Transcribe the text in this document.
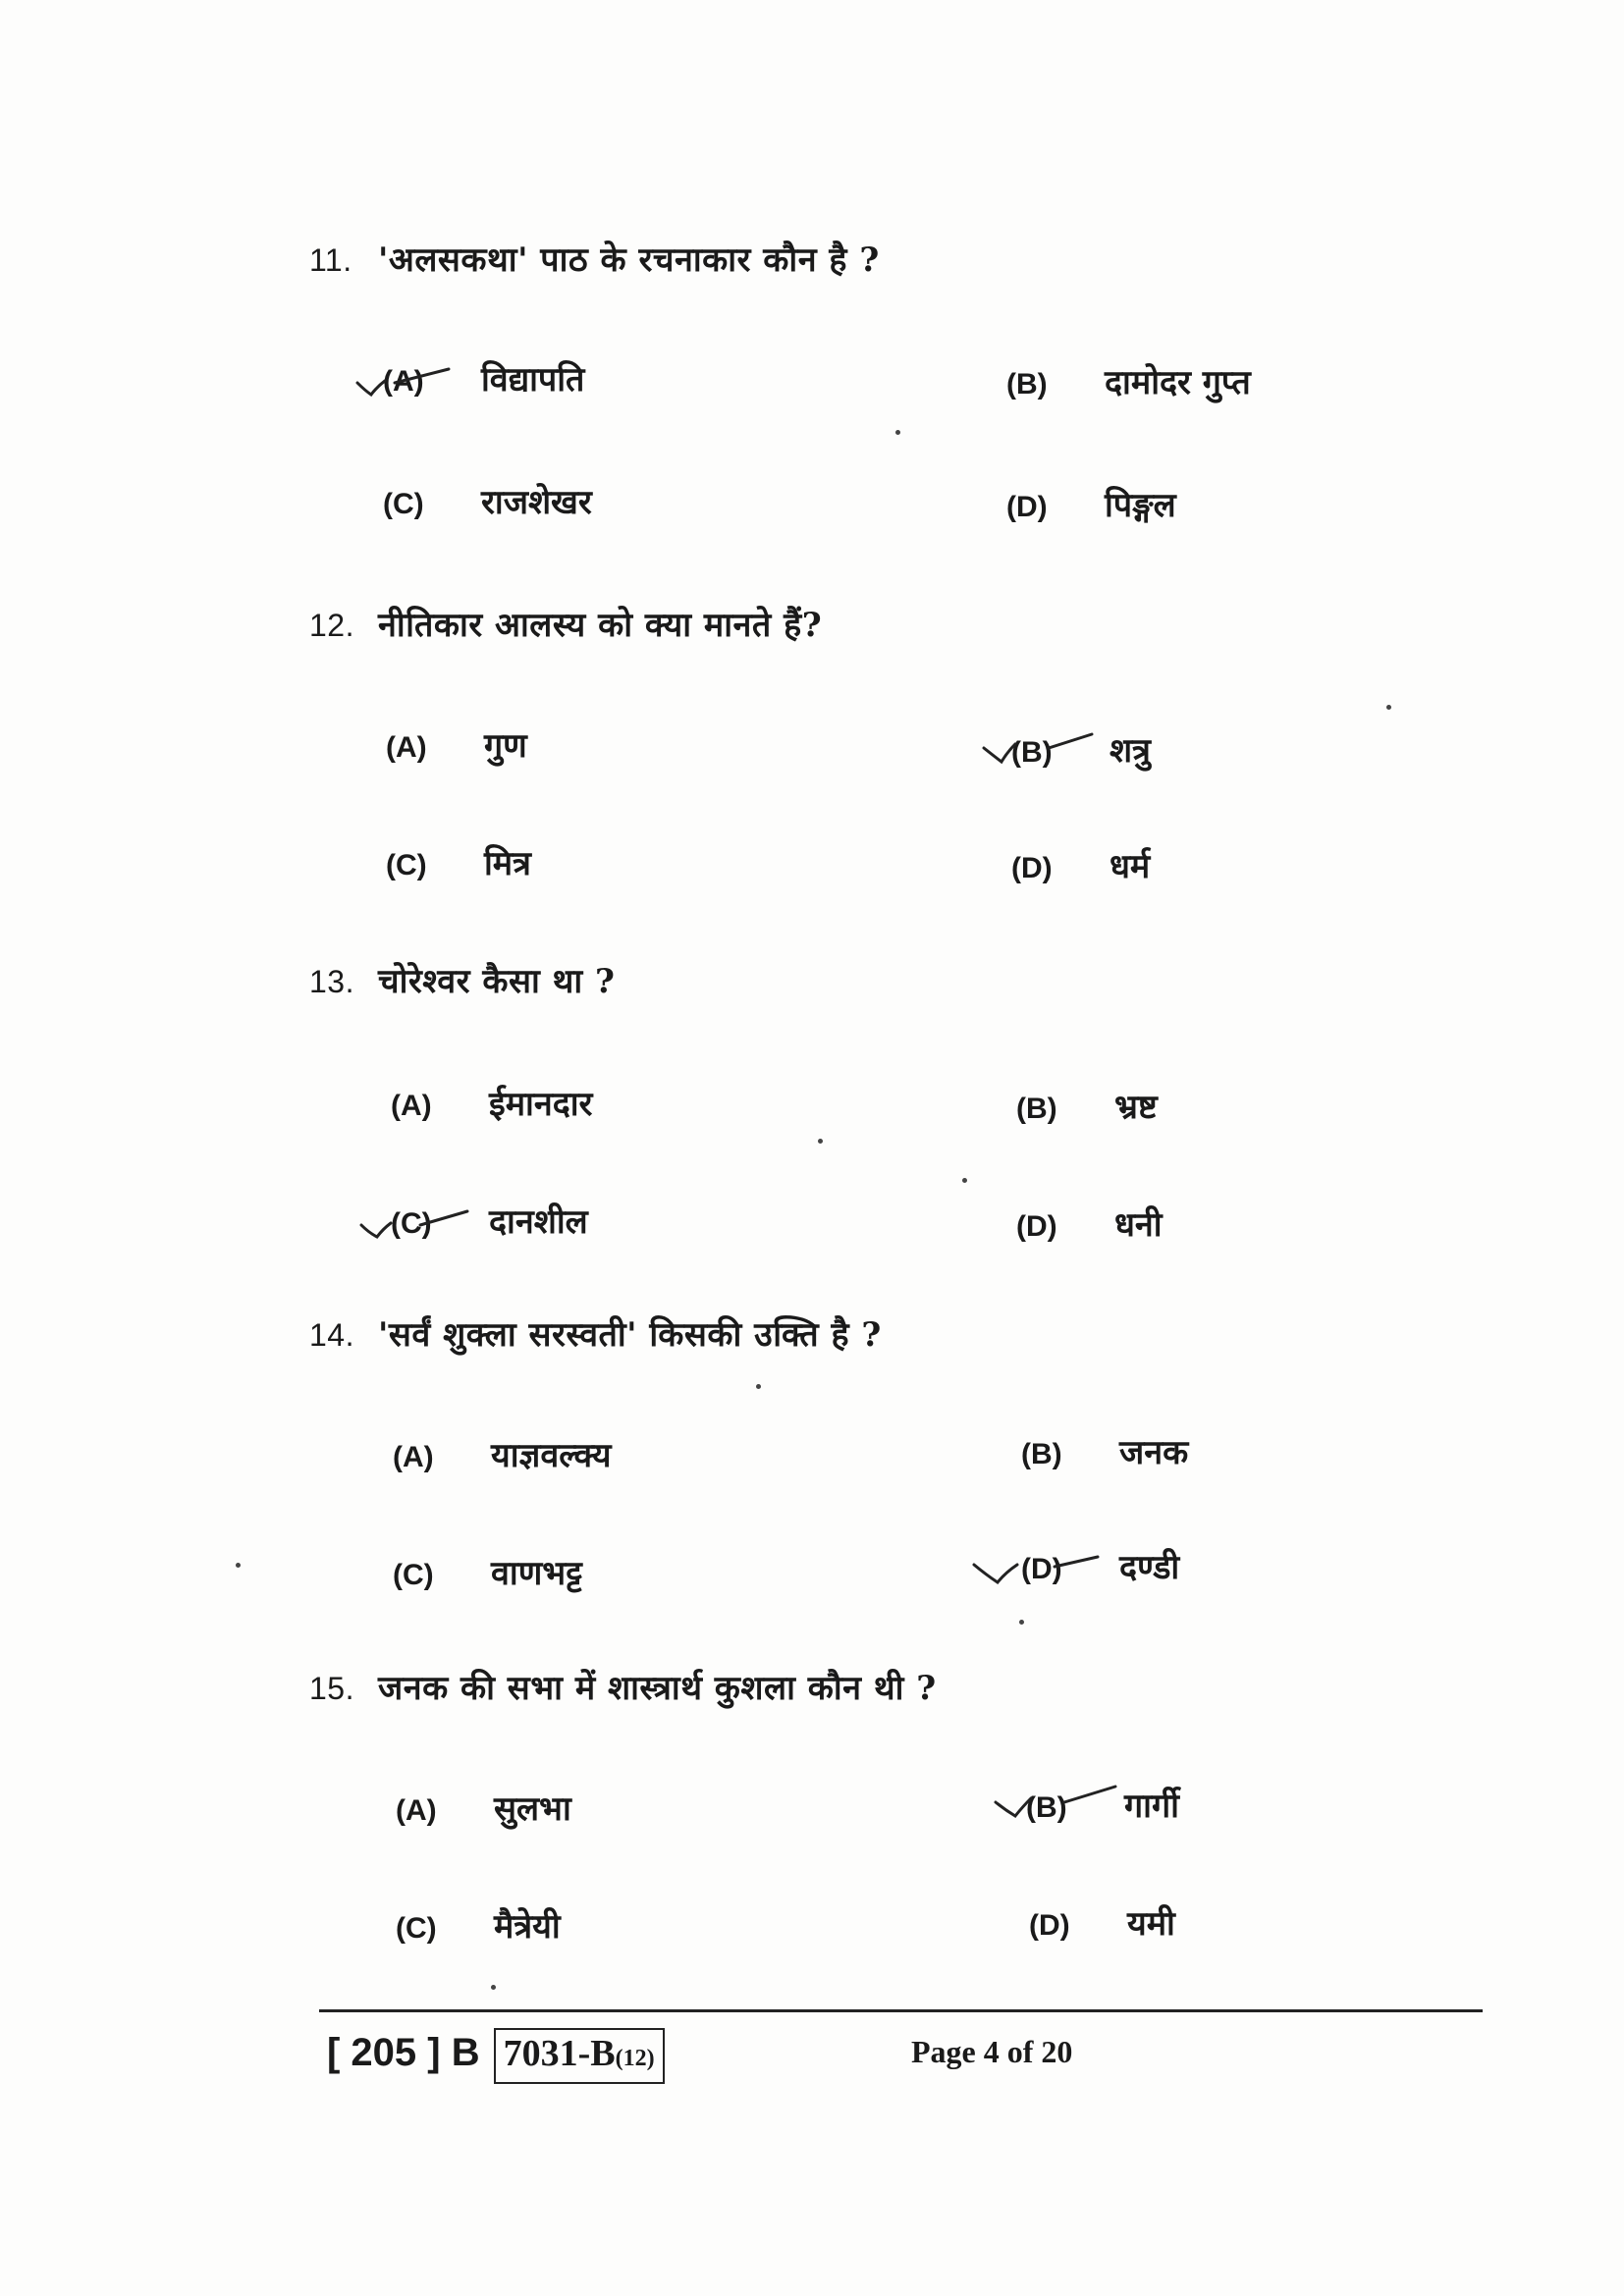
11. 'अलसकथा' पाठ के रचनाकार कौन है ?
(A) विद्यापति	(B) दामोदर गुप्त
(C) राजशेखर	(D) पिङ्गल
12. नीतिकार आलस्य को क्या मानते हैं?
(A) गुण	(B) शत्रु
(C) मित्र	(D) धर्म
13. चोरेश्वर कैसा था ?
(A) ईमानदार	(B) भ्रष्ट
(C) दानशील	(D) धनी
14. 'सर्वं शुक्ला सरस्वती' किसकी उक्ति है ?
(A) याज्ञवल्क्य	(B) जनक
(C) वाणभट्ट	(D) दण्डी
15. जनक की सभा में शास्त्रार्थ कुशला कौन थी ?
(A) सुलभा	(B) गार्गी
(C) मैत्रेयी	(D) यमी
[ 205 ] B 7031-B(12)	Page 4 of 20
